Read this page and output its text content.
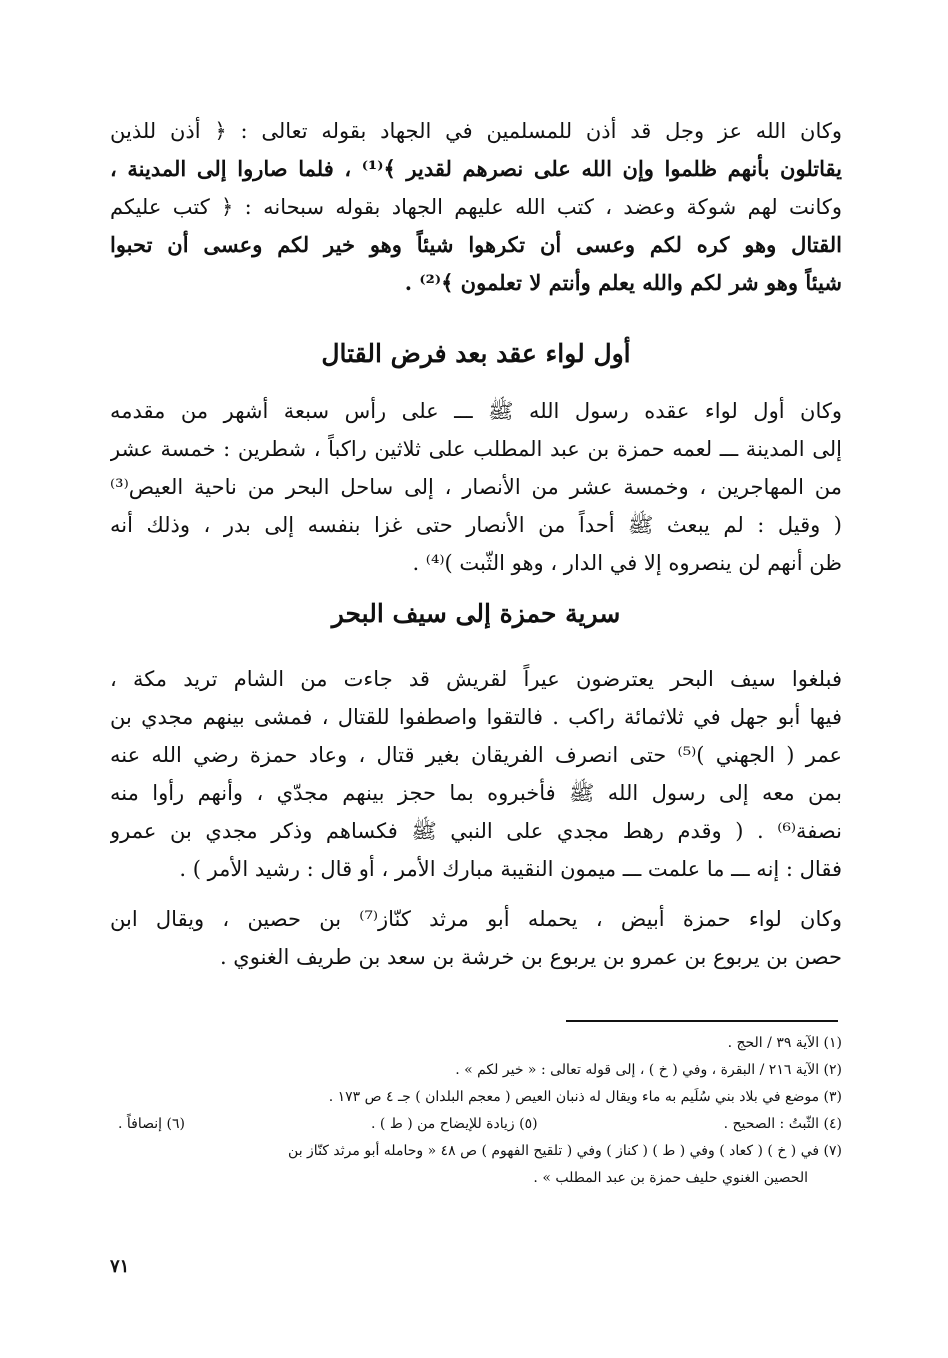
وكان الله عز وجل قد أذن للمسلمين في الجهاد بقوله تعالى : ﴿ أذن للذين
يقاتلون بأنهم ظلموا وإن الله على نصرهم لقدير ﴾⁽¹⁾ ، فلما صاروا إلى المدينة ،
وكانت لهم شوكة وعضد ، كتب الله عليهم الجهاد بقوله سبحانه : ﴿ كتب عليكم
القتال وهو كره لكم وعسى أن تكرهوا شيئاً وهو خير لكم وعسى أن تحبوا
شيئاً وهو شر لكم والله يعلم وأنتم لا تعلمون ﴾⁽²⁾ .
أول لواء عقد بعد فرض القتال
وكان أول لواء عقده رسول الله ﷺ ـــ على رأس سبعة أشهر من مقدمه
إلى المدينة ـــ لعمه حمزة بن عبد المطلب على ثلاثين راكباً ، شطرين : خمسة عشر
من المهاجرين ، وخمسة عشر من الأنصار ، إلى ساحل البحر من ناحية العيص⁽³⁾
( وقيل : لم يبعث ﷺ أحداً من الأنصار حتى غزا بنفسه إلى بدر ، وذلك أنه
ظن أنهم لن ينصروه إلا في الدار ، وهو الثّبت )⁽⁴⁾ .
سرية حمزة إلى سيف البحر
فبلغوا سيف البحر يعترضون عيراً لقريش قد جاءت من الشام تريد مكة ،
فيها أبو جهل في ثلاثمائة راكب . فالتقوا واصطفوا للقتال ، فمشى بينهم مجدي بن
عمر ( الجهني )⁽⁵⁾ حتى انصرف الفريقان بغير قتال ، وعاد حمزة رضي الله عنه
بمن معه إلى رسول الله ﷺ فأخبروه بما حجز بينهم مجدّي ، وأنهم رأوا منه
نصفة⁽⁶⁾ . ( وقدم رهط مجدي على النبي ﷺ فكساهم وذكر مجدي بن عمرو
فقال : إنه ـــ ما علمت ـــ ميمون النقيبة مبارك الأمر ، أو قال : رشيد الأمر ) .
وكان لواء حمزة أبيض ، يحمله أبو مرثد كنّاز⁽⁷⁾ بن حصين ، ويقال ابن
حصن بن يربوع بن عمرو بن يربوع بن خرشة بن سعد بن طريف الغنوي .
(١) الآية ٣٩ / الحج .
(٢) الآية ٢١٦ / البقرة ، وفي ( خ ) ، إلى قوله تعالى : « خير لكم » .
(٣) موضع في بلاد بني سُلَيم به ماء ويقال له ذنبان العيص ( معجم البلدان ) جـ ٤ ص ١٧٣ .
(٤) الثّبتُ : الصحيح .
(٥) زيادة للإيضاح من ( ط ) .
(٦) إنصافاً .
(٧) في ( خ ) ( كعاد ) وفي ( ط ) ( كناز ) وفي ( تلقيح الفهوم ) ص ٤٨ « وحامله أبو مرثد كنّاز بن
الحصين الغنوي حليف حمزة بن عبد المطلب » .
٧١
